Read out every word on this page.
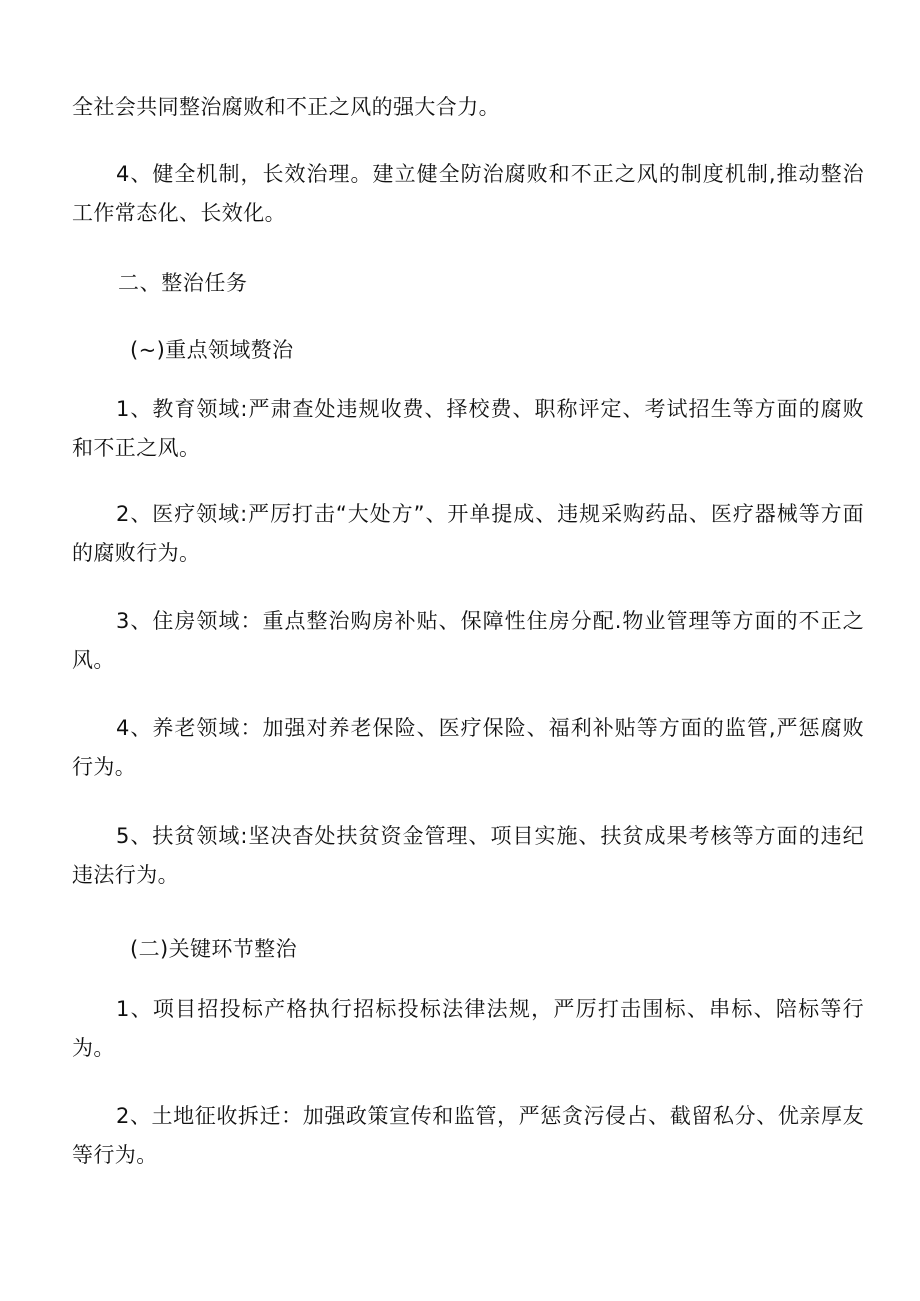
全社会共同整治腐败和不正之风的强大合力。

4、健全机制，长效治理。建立健全防治腐败和不正之风的制度机制,推动整治工作常态化、长效化。

二、整治任务

(~)重点领域赘治

1、教育领域:严肃查处违规收费、择校费、职称评定、考试招生等方面的腐败和不正之风。

2、医疗领域:严厉打击“大处方”、开单提成、违规采购药品、医疗器械等方面的腐败行为。

3、住房领域：重点整治购房补贴、保障性住房分配.物业管理等方面的不正之风。

4、养老领域：加强对养老保险、医疗保险、福利补贴等方面的监管,严惩腐败行为。

5、扶贫领域:坚决杳处扶贫资金管理、项目实施、扶贫成果考核等方面的违纪违法行为。

(二)关键环节整治

1、项目招投标产格执行招标投标法律法规，严厉打击围标、串标、陪标等行为。

2、土地征收拆迁：加强政策宣传和监管，严惩贪污侵占、截留私分、优亲厚友等行为。
